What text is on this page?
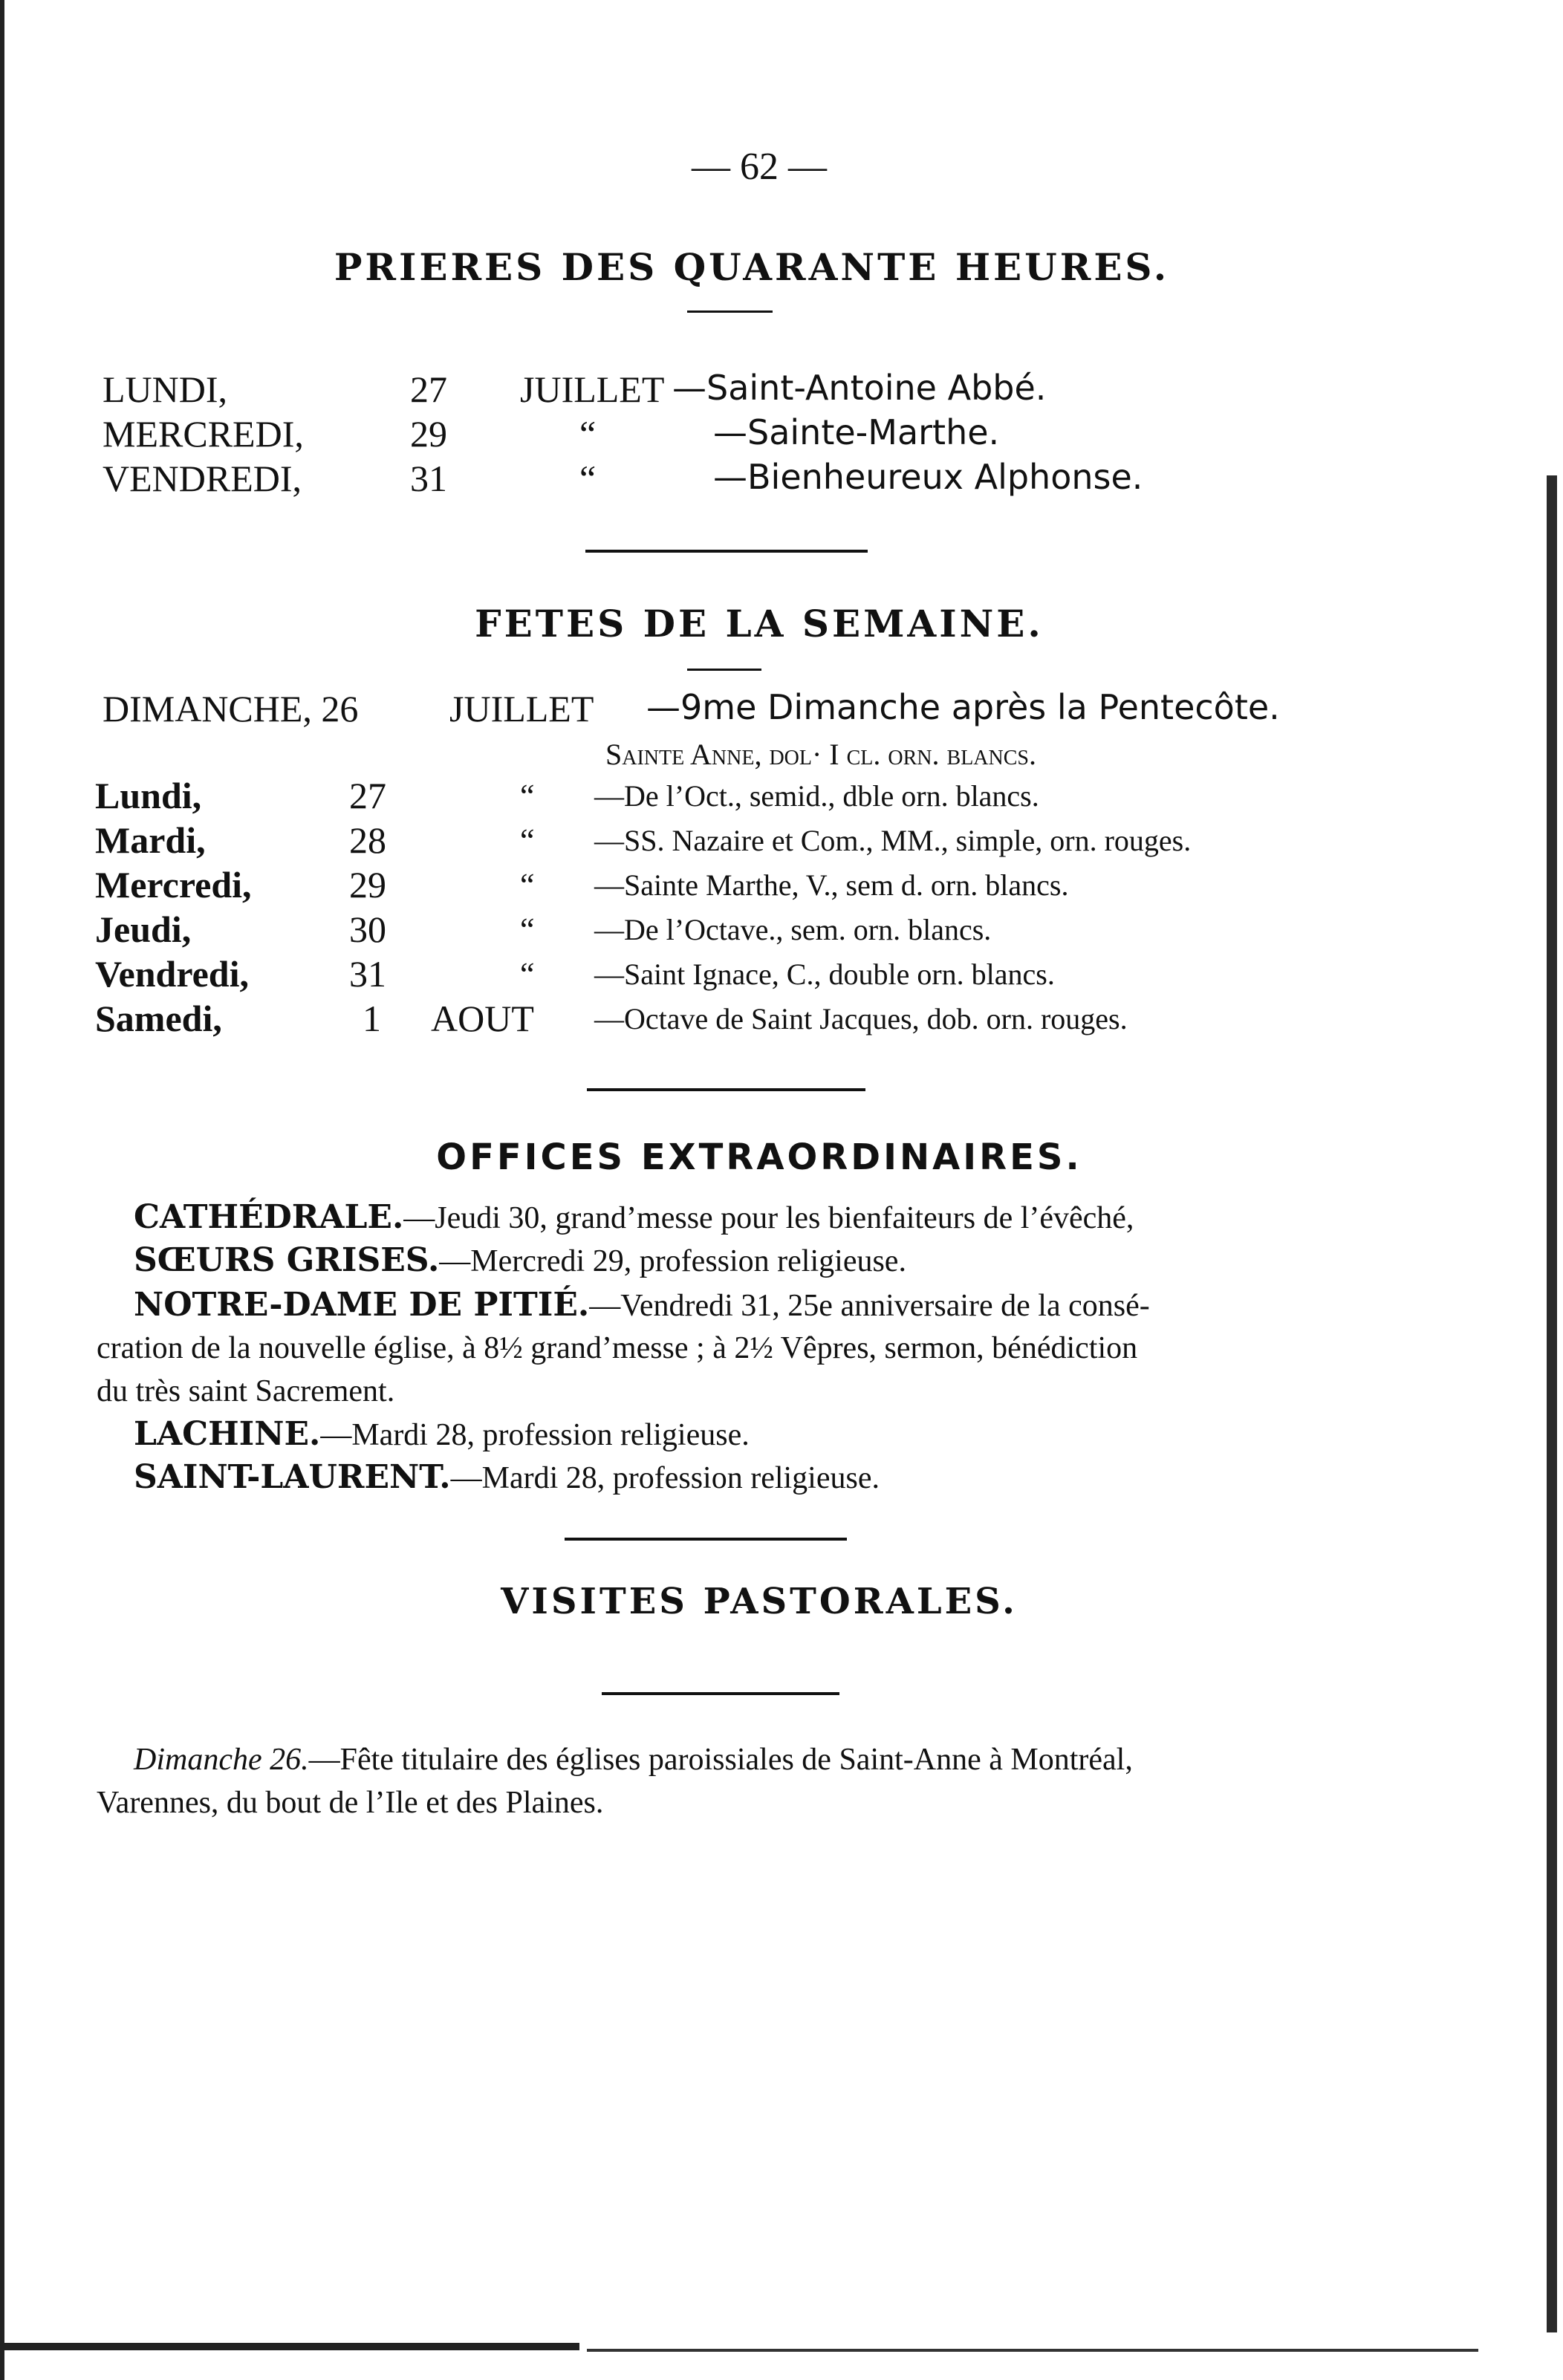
— 62 —
PRIERES DES QUARANTE HEURES.
LUNDI,	27 JUILLET —Saint-Antoine Abbé.
MERCREDI,	29	“	—Sainte-Marthe.
VENDREDI,	31	“	—Bienheureux Alphonse.
FETES DE LA SEMAINE.
DIMANCHE, 26 JUILLET —9me Dimanche après la Pentecôte.
Sainte Anne, dol· I cl. orn. blancs.
Lundi,	27	“ —De l’Oct., semid., dble orn. blancs.
Mardi,	28	“ —SS. Nazaire et Com., MM., simple, orn. rouges.
Mercredi,	29	“ —Sainte Marthe, V., sem d. orn. blancs.
Jeudi,	30	“ —De l’Octave., sem. orn. blancs.
Vendredi,	31	“ —Saint Ignace, C., double orn. blancs.
Samedi,	1 AOUT —Octave de Saint Jacques, dob. orn. rouges.
OFFICES EXTRAORDINAIRES.
CATHÉDRALE.—Jeudi 30, grand’messe pour les bienfaiteurs de l’évêché,
SŒURS GRISES.—Mercredi 29, profession religieuse.
NOTRE-DAME DE PITIÉ.—Vendredi 31, 25e anniversaire de la consé-
cration de la nouvelle église, à 8½ grand’messe ; à 2½ Vêpres, sermon, bénédiction
du très saint Sacrement.
LACHINE.—Mardi 28, profession religieuse.
SAINT-LAURENT.—Mardi 28, profession religieuse.
VISITES PASTORALES.
Dimanche 26.—Fête titulaire des églises paroissiales de Saint-Anne à Montréal,
Varennes, du bout de l’Ile et des Plaines.
